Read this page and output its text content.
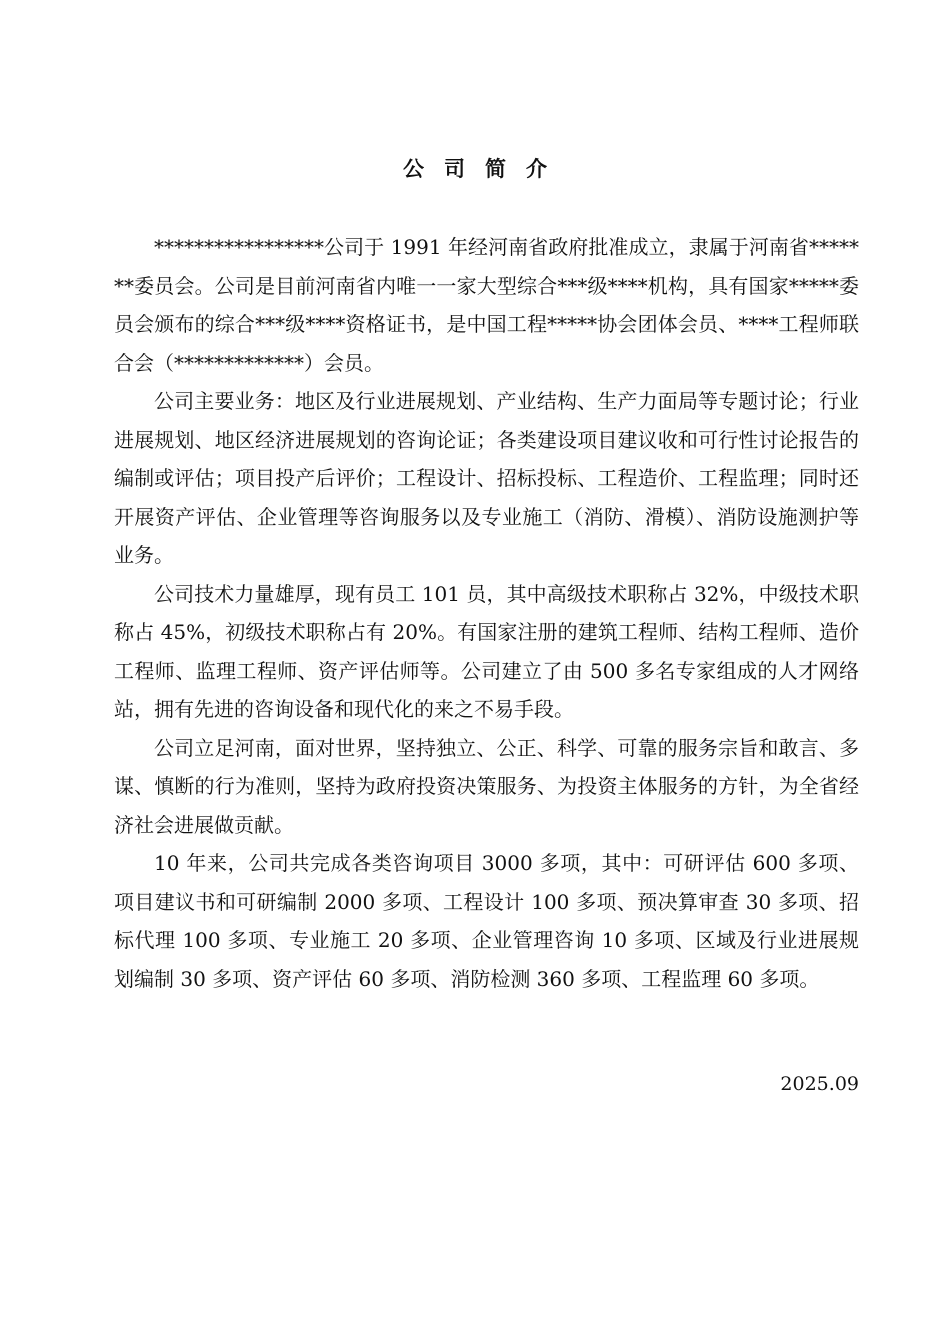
公司简介

*****************公司于 1991 年经河南省政府批准成立，隶属于河南省*******委员会。公司是目前河南省内唯一一家大型综合***级****机构，具有国家*****委员会颁布的综合***级****资格证书，是中国工程*****协会团体会员、****工程师联合会（*************）会员。

公司主要业务：地区及行业进展规划、产业结构、生产力面局等专题讨论；行业进展规划、地区经济进展规划的咨询论证；各类建设项目建议收和可行性讨论报告的编制或评估；项目投产后评价；工程设计、招标投标、工程造价、工程监理；同时还开展资产评估、企业管理等咨询服务以及专业施工（消防、滑模）、消防设施测护等业务。

公司技术力量雄厚，现有员工 101 员，其中高级技术职称占 32%，中级技术职称占 45%，初级技术职称占有 20%。有国家注册的建筑工程师、结构工程师、造价工程师、监理工程师、资产评估师等。公司建立了由 500 多名专家组成的人才网络站，拥有先进的咨询设备和现代化的来之不易手段。

公司立足河南，面对世界，坚持独立、公正、科学、可靠的服务宗旨和敢言、多谋、慎断的行为准则，坚持为政府投资决策服务、为投资主体服务的方针，为全省经济社会进展做贡献。

10 年来，公司共完成各类咨询项目 3000 多项，其中：可研评估 600 多项、项目建议书和可研编制 2000 多项、工程设计 100 多项、预决算审查 30 多项、招标代理 100 多项、专业施工 20 多项、企业管理咨询 10 多项、区域及行业进展规划编制 30 多项、资产评估 60 多项、消防检测 360 多项、工程监理 60 多项。

2025.09
